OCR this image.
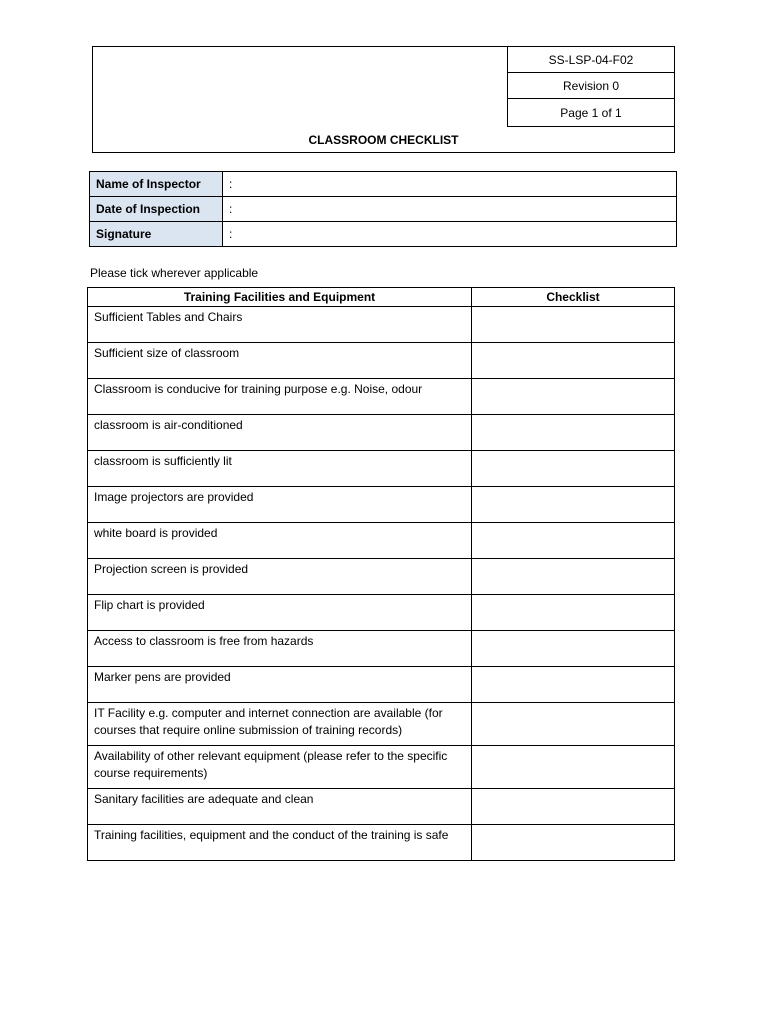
SS-LSP-04-F02
Revision 0
Page 1 of 1
CLASSROOM CHECKLIST
Name of Inspector	:
Date of Inspection	:
Signature	:
Please tick wherever applicable
Training Facilities and Equipment	Checklist
Sufficient Tables and Chairs	
Sufficient size of classroom	
Classroom is conducive for training purpose e.g. Noise, odour	
classroom is air-conditioned	
classroom is sufficiently lit	
Image projectors are provided	
white board is provided	
Projection screen is provided	
Flip chart is provided	
Access to classroom is free from hazards	
Marker pens are provided	
IT Facility e.g. computer and internet connection are available (for courses that require online submission of training records)	
Availability of other relevant equipment (please refer to the specific course requirements)	
Sanitary facilities are adequate and clean	
Training facilities, equipment and the conduct of the training is safe	
